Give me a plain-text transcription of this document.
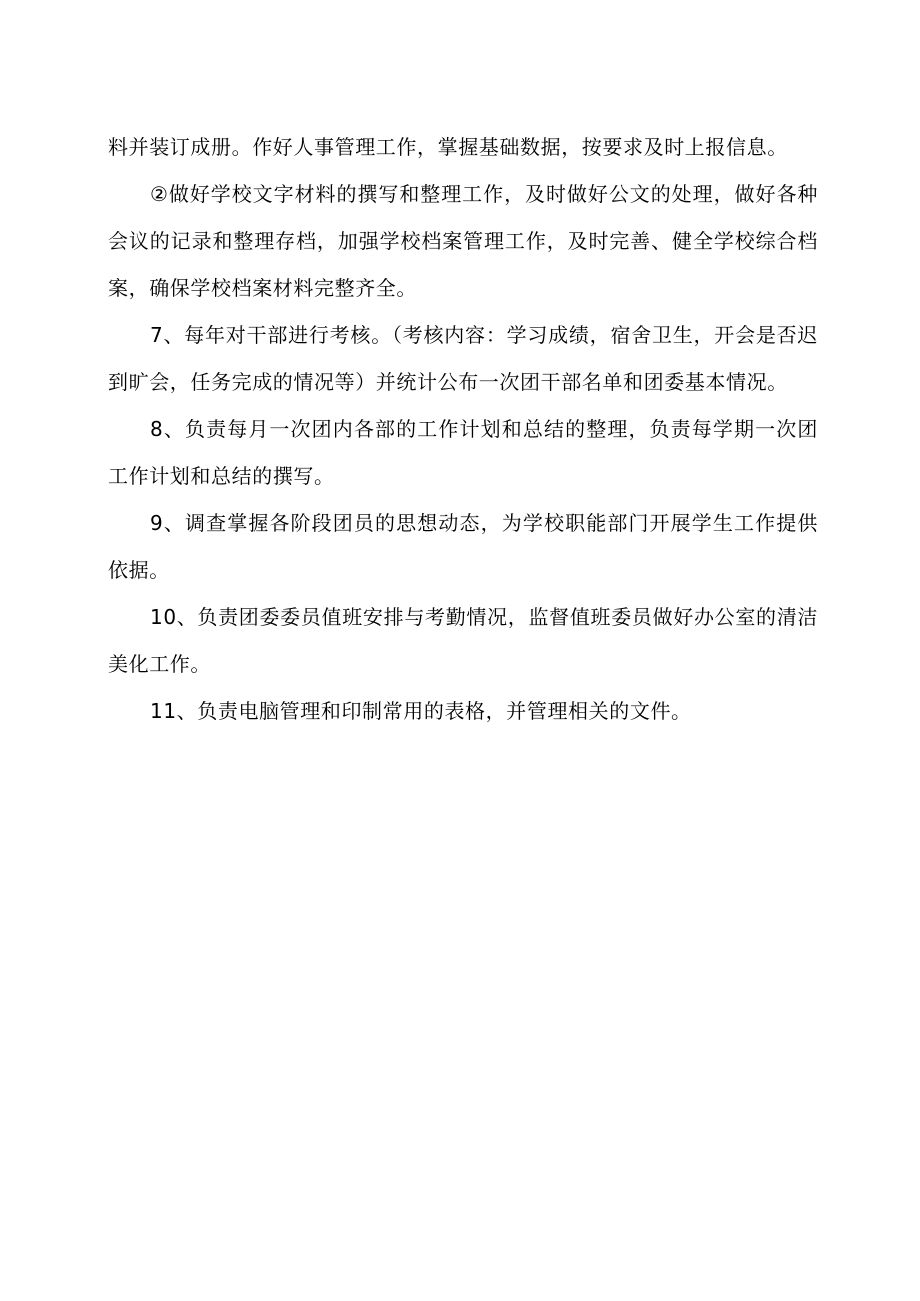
料并装订成册。作好人事管理工作，掌握基础数据，按要求及时上报信息。

②做好学校文字材料的撰写和整理工作，及时做好公文的处理，做好各种会议的记录和整理存档，加强学校档案管理工作，及时完善、健全学校综合档案，确保学校档案材料完整齐全。

7、每年对干部进行考核。（考核内容：学习成绩，宿舍卫生，开会是否迟到旷会，任务完成的情况等）并统计公布一次团干部名单和团委基本情况。

8、负责每月一次团内各部的工作计划和总结的整理，负责每学期一次团工作计划和总结的撰写。

9、调查掌握各阶段团员的思想动态，为学校职能部门开展学生工作提供依据。

10、负责团委委员值班安排与考勤情况，监督值班委员做好办公室的清洁美化工作。

11、负责电脑管理和印制常用的表格，并管理相关的文件。
